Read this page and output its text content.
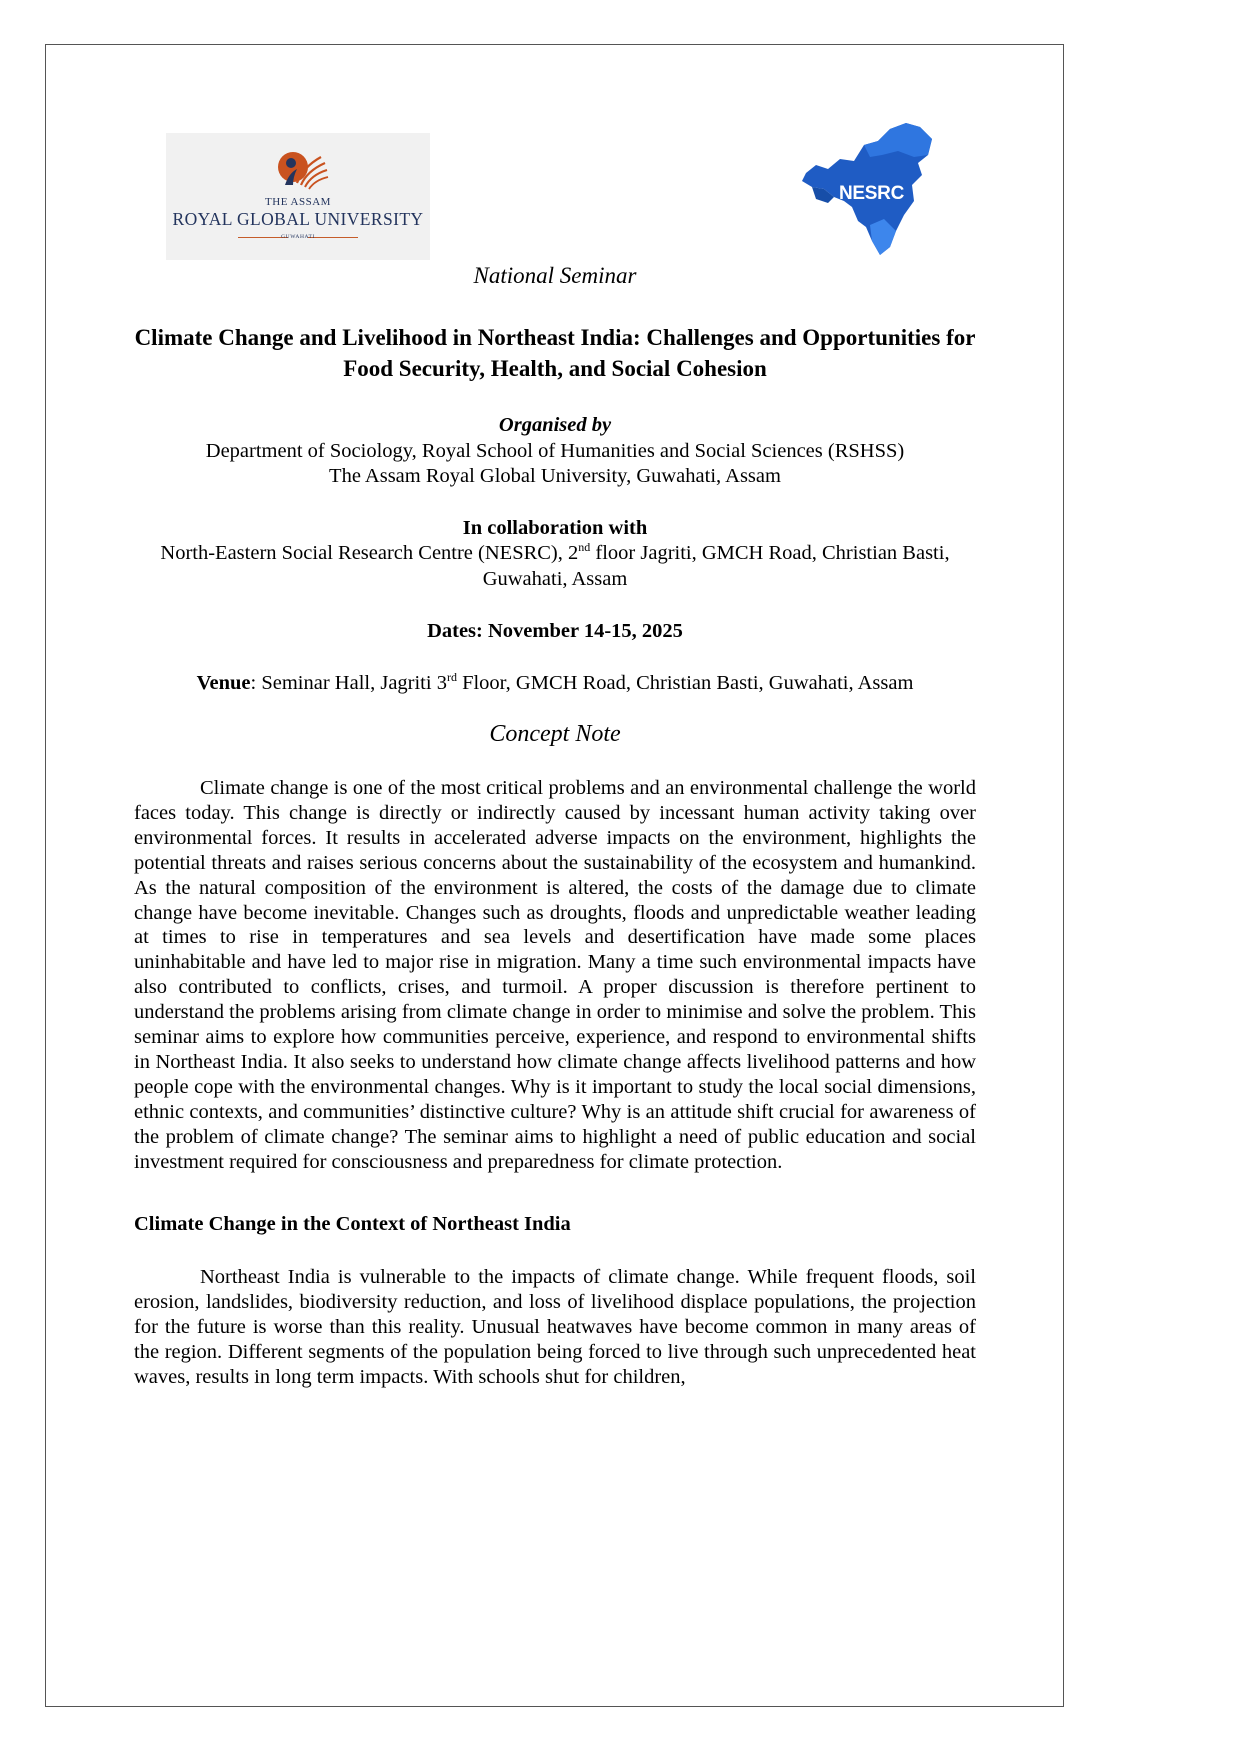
THE ASSAM
ROYAL GLOBAL UNIVERSITY
GUWAHATI
NESRC
National Seminar
Climate Change and Livelihood in Northeast India: Challenges and Opportunities for Food Security, Health, and Social Cohesion
Organised by
Department of Sociology, Royal School of Humanities and Social Sciences (RSHSS)
The Assam Royal Global University, Guwahati, Assam
In collaboration with
North-Eastern Social Research Centre (NESRC), 2nd floor Jagriti, GMCH Road, Christian Basti, Guwahati, Assam
Dates: November 14-15, 2025
Venue: Seminar Hall, Jagriti 3rd Floor, GMCH Road, Christian Basti, Guwahati, Assam
Concept Note
Climate change is one of the most critical problems and an environmental challenge the world faces today. This change is directly or indirectly caused by incessant human activity taking over environmental forces. It results in accelerated adverse impacts on the environment, highlights the potential threats and raises serious concerns about the sustainability of the ecosystem and humankind. As the natural composition of the environment is altered, the costs of the damage due to climate change have become inevitable. Changes such as droughts, floods and unpredictable weather leading at times to rise in temperatures and sea levels and desertification have made some places uninhabitable and have led to major rise in migration. Many a time such environmental impacts have also contributed to conflicts, crises, and turmoil. A proper discussion is therefore pertinent to understand the problems arising from climate change in order to minimise and solve the problem. This seminar aims to explore how communities perceive, experience, and respond to environmental shifts in Northeast India. It also seeks to understand how climate change affects livelihood patterns and how people cope with the environmental changes. Why is it important to study the local social dimensions, ethnic contexts, and communities’ distinctive culture? Why is an attitude shift crucial for awareness of the problem of climate change? The seminar aims to highlight a need of public education and social investment required for consciousness and preparedness for climate protection.
Climate Change in the Context of Northeast India
Northeast India is vulnerable to the impacts of climate change. While frequent floods, soil erosion, landslides, biodiversity reduction, and loss of livelihood displace populations, the projection for the future is worse than this reality. Unusual heatwaves have become common in many areas of the region. Different segments of the population being forced to live through such unprecedented heat waves, results in long term impacts. With schools shut for children,
